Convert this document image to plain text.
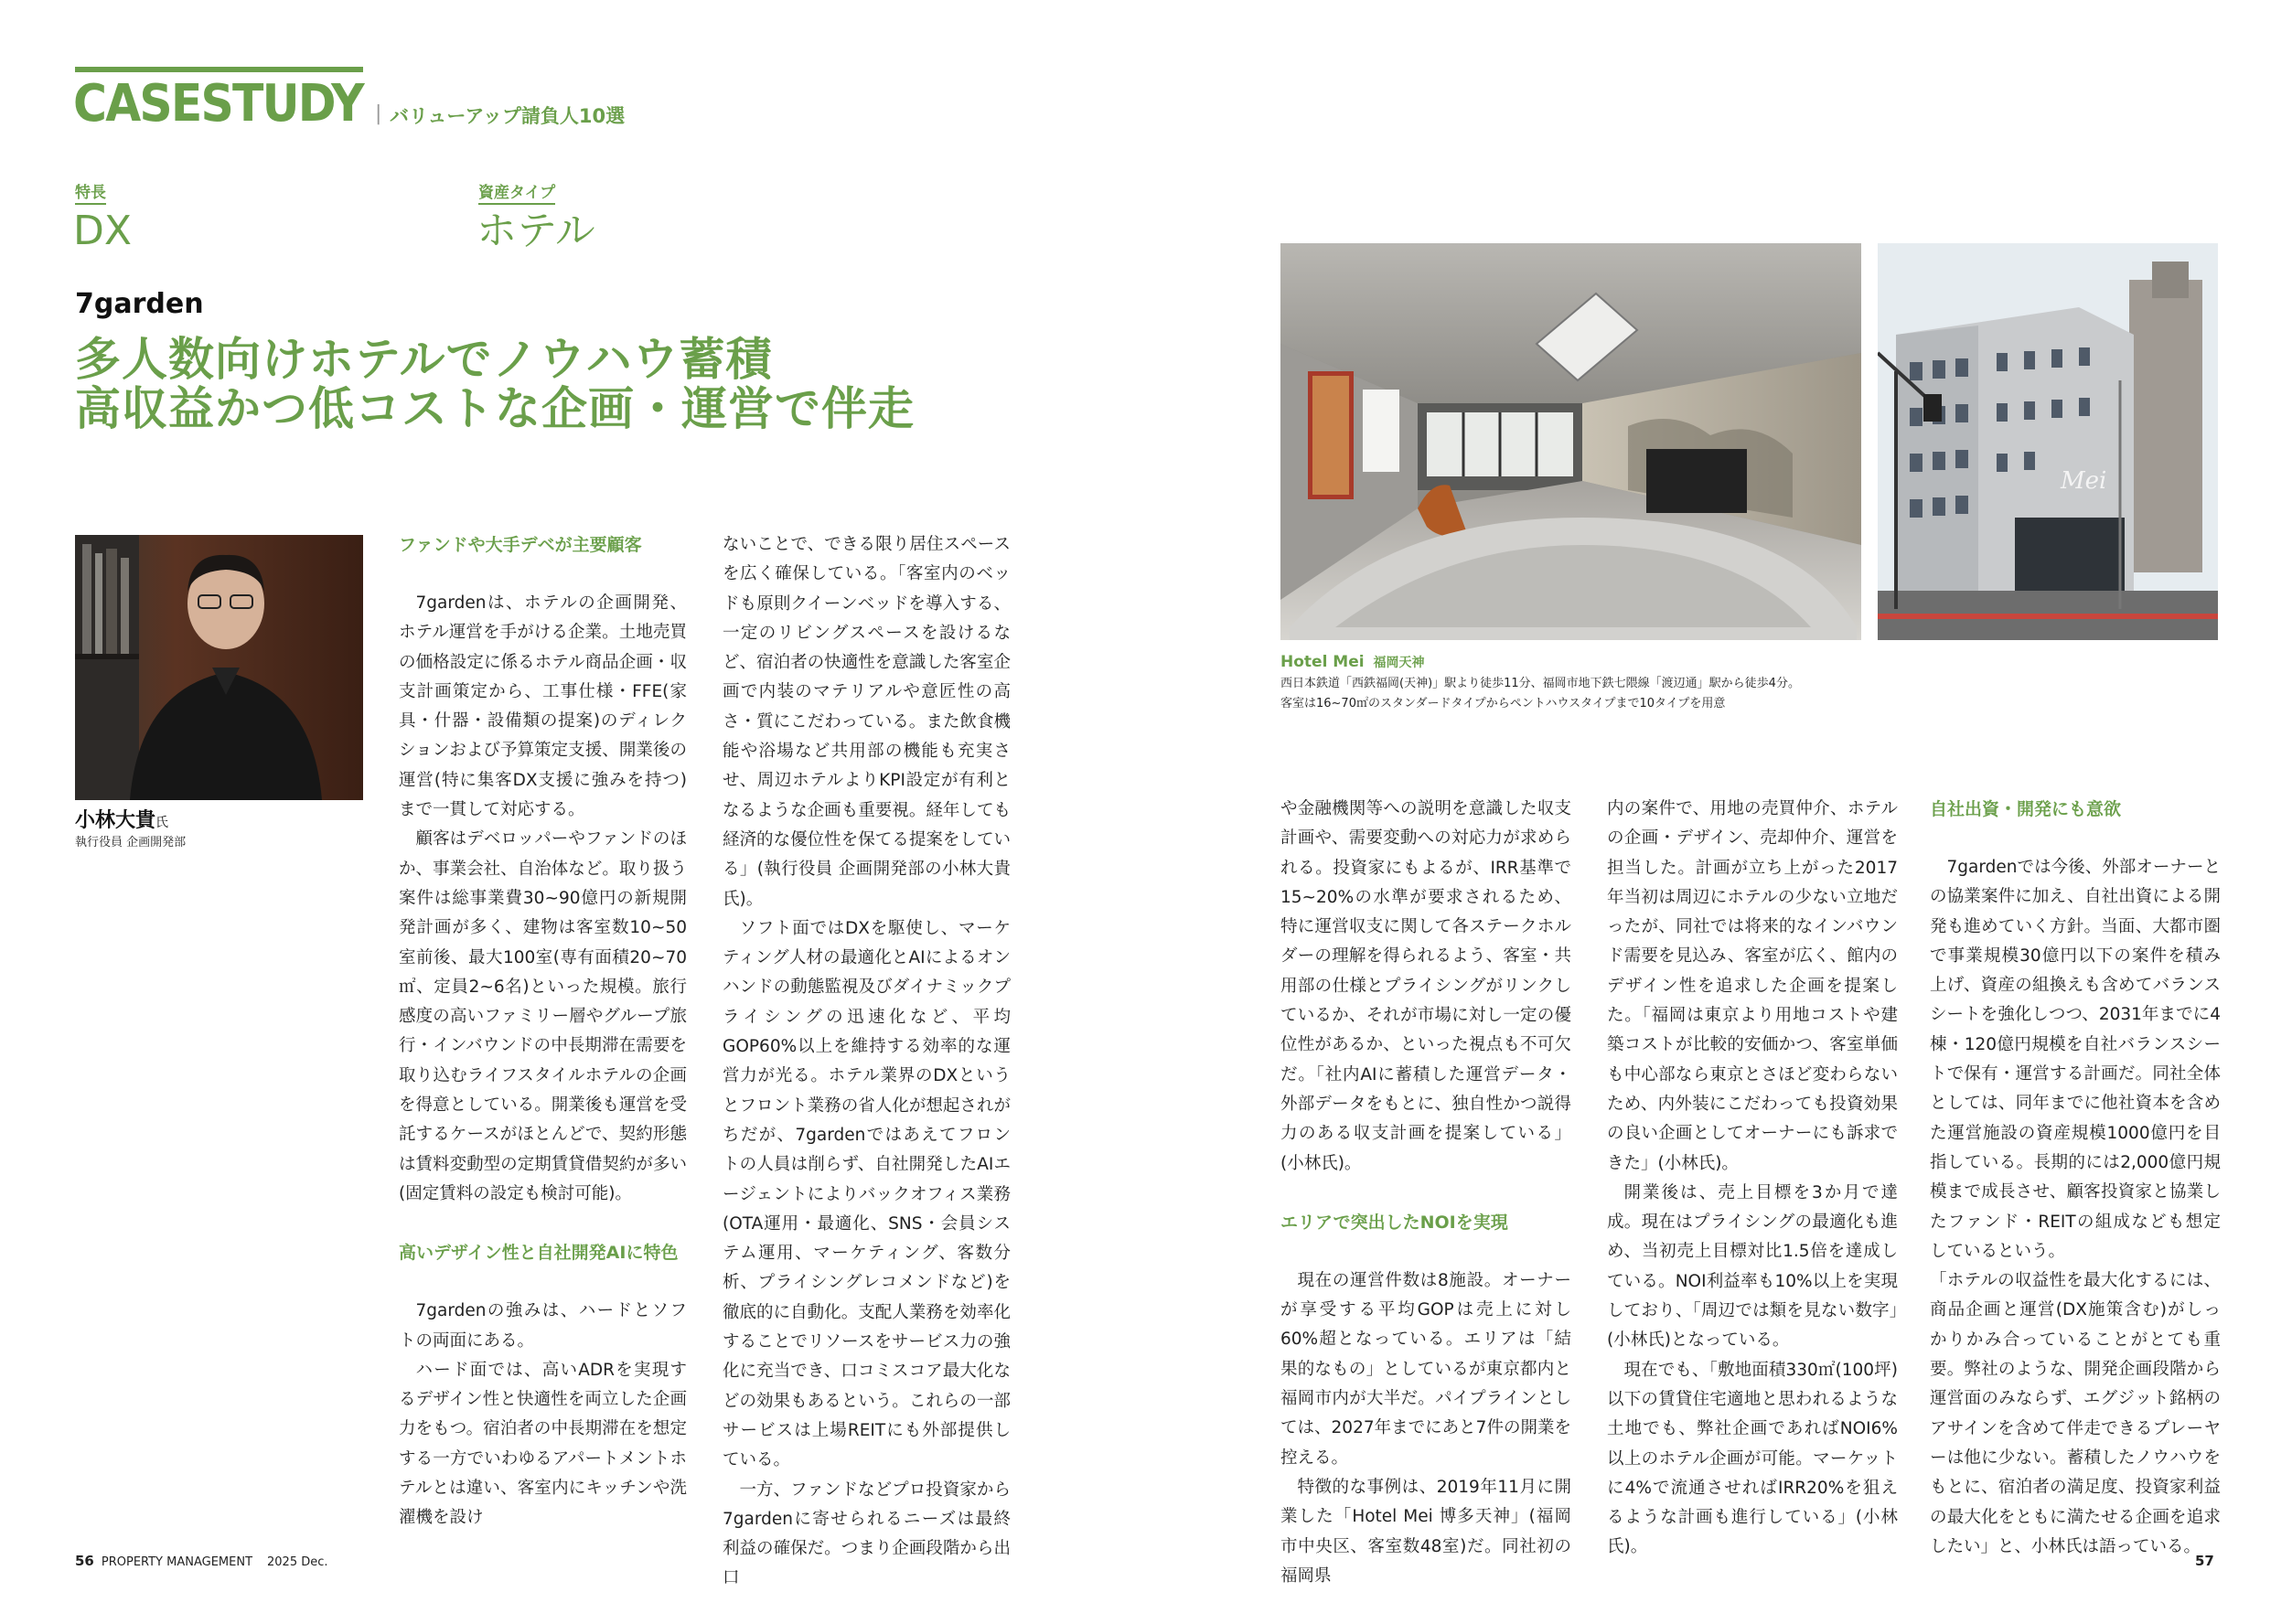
CASESTUDY | バリューアップ請負人10選
特長
DX
資産タイプ
ホテル
7garden
多人数向けホテルでノウハウ蓄積
高収益かつ低コストな企画・運営で伴走
小林大貴氏
執行役員 企画開発部
ファンドや大手デベが主要顧客

7gardenは、ホテルの企画開発、ホテル運営を手がける企業。土地売買の価格設定に係るホテル商品企画・収支計画策定から、工事仕様・FFE(家具・什器・設備類の提案)のディレクションおよび予算策定支援、開業後の運営(特に集客DX支援に強みを持つ)まで一貫して対応する。

顧客はデベロッパーやファンドのほか、事業会社、自治体など。取り扱う案件は総事業費30~90億円の新規開発計画が多く、建物は客室数10~50室前後、最大100室(専有面積20~70㎡、定員2~6名)といった規模。旅行感度の高いファミリー層やグループ旅行・インバウンドの中長期滞在需要を取り込むライフスタイルホテルの企画を得意としている。開業後も運営を受託するケースがほとんどで、契約形態は賃料変動型の定期賃貸借契約が多い(固定賃料の設定も検討可能)。

高いデザイン性と自社開発AIに特色

7gardenの強みは、ハードとソフトの両面にある。

ハード面では、高いADRを実現するデザイン性と快適性を両立した企画力をもつ。宿泊者の中長期滞在を想定する一方でいわゆるアパートメントホテルとは違い、客室内にキッチンや洗濯機を設け

ないことで、できる限り居住スペースを広く確保している。「客室内のベッドも原則クイーンベッドを導入する、一定のリビングスペースを設けるなど、宿泊者の快適性を意識した客室企画で内装のマテリアルや意匠性の高さ・質にこだわっている。また飲食機能や浴場など共用部の機能も充実させ、周辺ホテルよりKPI設定が有利となるような企画も重要視。経年しても経済的な優位性を保てる提案をしている」(執行役員 企画開発部の小林大貴氏)。

ソフト面ではDXを駆使し、マーケティング人材の最適化とAIによるオンハンドの動態監視及びダイナミックプライシングの迅速化など、平均GOP60%以上を維持する効率的な運営力が光る。ホテル業界のDXというとフロント業務の省人化が想起されがちだが、7gardenではあえてフロントの人員は削らず、自社開発したAIエージェントによりバックオフィス業務(OTA運用・最適化、SNS・会員システム運用、マーケティング、客数分析、プライシングレコメンドなど)を徹底的に自動化。支配人業務を効率化することでリソースをサービス力の強化に充当でき、口コミスコア最大化などの効果もあるという。これらの一部サービスは上場REITにも外部提供している。

一方、ファンドなどプロ投資家から7gardenに寄せられるニーズは最終利益の確保だ。つまり企画段階から出口

56 PROPERTY MANAGEMENT 2025 Dec.
Mei
Hotel Mei 福岡天神
西日本鉄道「西鉄福岡(天神)」駅より徒歩11分、福岡市地下鉄七隈線「渡辺通」駅から徒歩4分。
客室は16~70㎡のスタンダードタイプからペントハウスタイプまで10タイプを用意

や金融機関等への説明を意識した収支計画や、需要変動への対応力が求められる。投資家にもよるが、IRR基準で15~20%の水準が要求されるため、特に運営収支に関して各ステークホルダーの理解を得られるよう、客室・共用部の仕様とプライシングがリンクしているか、それが市場に対し一定の優位性があるか、といった視点も不可欠だ。「社内AIに蓄積した運営データ・外部データをもとに、独自性かつ説得力のある収支計画を提案している」(小林氏)。

エリアで突出したNOIを実現

現在の運営件数は8施設。オーナーが享受する平均GOPは売上に対し60%超となっている。エリアは「結果的なもの」としているが東京都内と福岡市内が大半だ。パイプラインとしては、2027年までにあと7件の開業を控える。

特徴的な事例は、2019年11月に開業した「Hotel Mei 博多天神」(福岡市中央区、客室数48室)だ。同社初の福岡県

内の案件で、用地の売買仲介、ホテルの企画・デザイン、売却仲介、運営を担当した。計画が立ち上がった2017年当初は周辺にホテルの少ない立地だったが、同社では将来的なインバウンド需要を見込み、客室が広く、館内のデザイン性を追求した企画を提案した。「福岡は東京より用地コストや建築コストが比較的安価かつ、客室単価も中心部なら東京とさほど変わらないため、内外装にこだわっても投資効果の良い企画としてオーナーにも訴求できた」(小林氏)。

開業後は、売上目標を3か月で達成。現在はプライシングの最適化も進め、当初売上目標対比1.5倍を達成している。NOI利益率も10%以上を実現しており、「周辺では類を見ない数字」(小林氏)となっている。

現在でも、「敷地面積330㎡(100坪)以下の賃貸住宅適地と思われるような土地でも、弊社企画であればNOI6%以上のホテル企画が可能。マーケットに4%で流通させればIRR20%を狙えるような計画も進行している」(小林氏)。

自社出資・開発にも意欲

7gardenでは今後、外部オーナーとの協業案件に加え、自社出資による開発も進めていく方針。当面、大都市圏で事業規模30億円以下の案件を積み上げ、資産の組換えも含めてバランスシートを強化しつつ、2031年までに4棟・120億円規模を自社バランスシートで保有・運営する計画だ。同社全体としては、同年までに他社資本を含めた運営施設の資産規模1000億円を目指している。長期的には2,000億円規模まで成長させ、顧客投資家と協業したファンド・REITの組成なども想定しているという。

「ホテルの収益性を最大化するには、商品企画と運営(DX施策含む)がしっかりかみ合っていることがとても重要。弊社のような、開発企画段階から運営面のみならず、エグジット銘柄のアサインを含めて伴走できるプレーヤーは他に少ない。蓄積したノウハウをもとに、宿泊者の満足度、投資家利益の最大化をともに満たせる企画を追求したい」と、小林氏は語っている。

57
